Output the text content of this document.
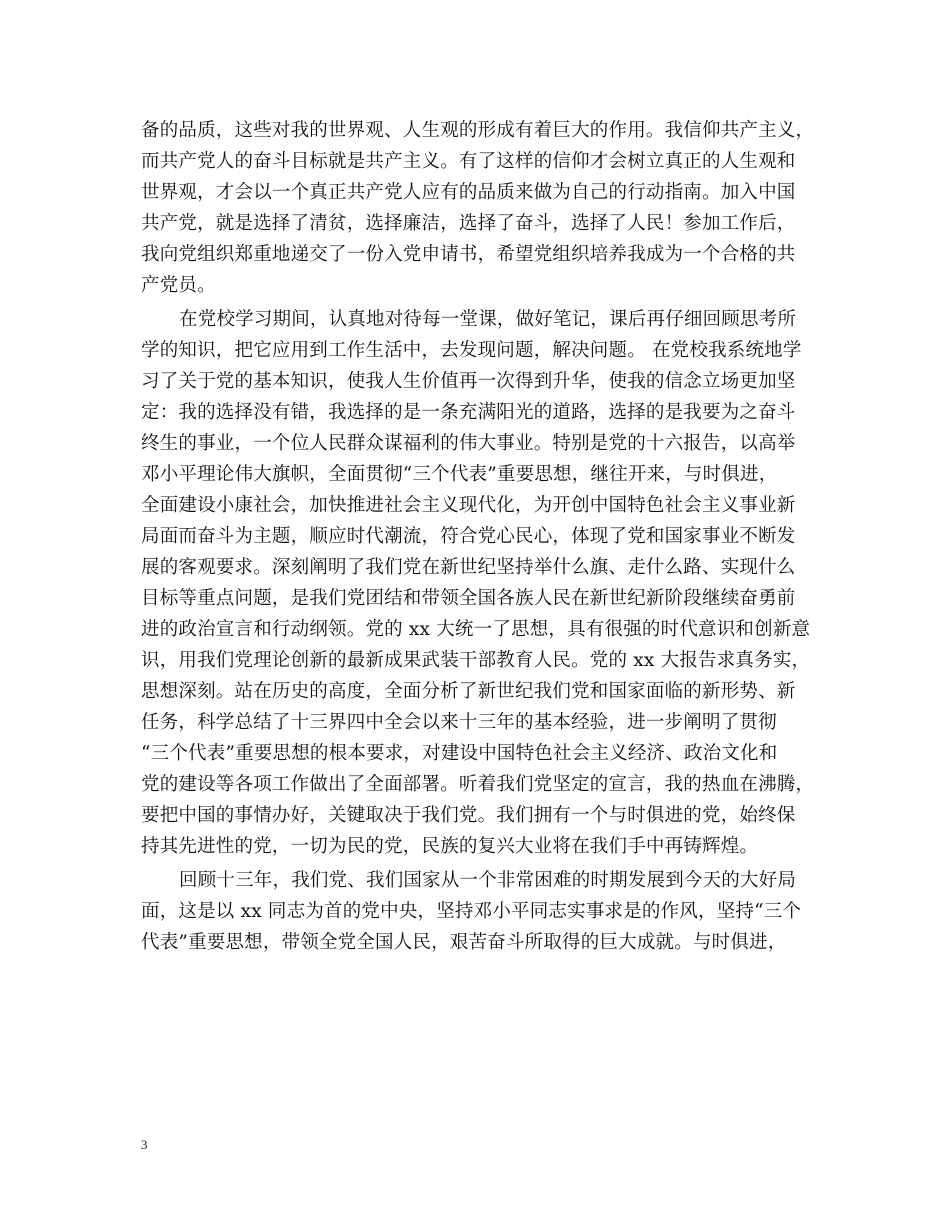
备的品质，这些对我的世界观、人生观的形成有着巨大的作用。我信仰共产主义，
而共产党人的奋斗目标就是共产主义。有了这样的信仰才会树立真正的人生观和
世界观，才会以一个真正共产党人应有的品质来做为自己的行动指南。加入中国
共产党，就是选择了清贫，选择廉洁，选择了奋斗，选择了人民！参加工作后，
我向党组织郑重地递交了一份入党申请书，希望党组织培养我成为一个合格的共
产党员。
在党校学习期间，认真地对待每一堂课，做好笔记，课后再仔细回顾思考所
学的知识，把它应用到工作生活中，去发现问题，解决问题。 在党校我系统地学
习了关于党的基本知识，使我人生价值再一次得到升华，使我的信念立场更加坚
定：我的选择没有错，我选择的是一条充满阳光的道路，选择的是我要为之奋斗
终生的事业，一个位人民群众谋福利的伟大事业。特别是党的十六报告，以高举
邓小平理论伟大旗帜，全面贯彻“三个代表”重要思想，继往开来，与时俱进，
全面建设小康社会，加快推进社会主义现代化，为开创中国特色社会主义事业新
局面而奋斗为主题，顺应时代潮流，符合党心民心，体现了党和国家事业不断发
展的客观要求。深刻阐明了我们党在新世纪坚持举什么旗、走什么路、实现什么
目标等重点问题，是我们党团结和带领全国各族人民在新世纪新阶段继续奋勇前
进的政治宣言和行动纲领。党的 xx 大统一了思想，具有很强的时代意识和创新意
识，用我们党理论创新的最新成果武装干部教育人民。党的 xx 大报告求真务实，
思想深刻。站在历史的高度，全面分析了新世纪我们党和国家面临的新形势、新
任务，科学总结了十三界四中全会以来十三年的基本经验，进一步阐明了贯彻
“三个代表”重要思想的根本要求，对建设中国特色社会主义经济、政治文化和
党的建设等各项工作做出了全面部署。听着我们党坚定的宣言，我的热血在沸腾，
要把中国的事情办好，关键取决于我们党。我们拥有一个与时俱进的党，始终保
持其先进性的党，一切为民的党，民族的复兴大业将在我们手中再铸辉煌。
回顾十三年，我们党、我们国家从一个非常困难的时期发展到今天的大好局
面，这是以 xx 同志为首的党中央，坚持邓小平同志实事求是的作风，坚持“三个
代表”重要思想，带领全党全国人民，艰苦奋斗所取得的巨大成就。与时俱进，
3
